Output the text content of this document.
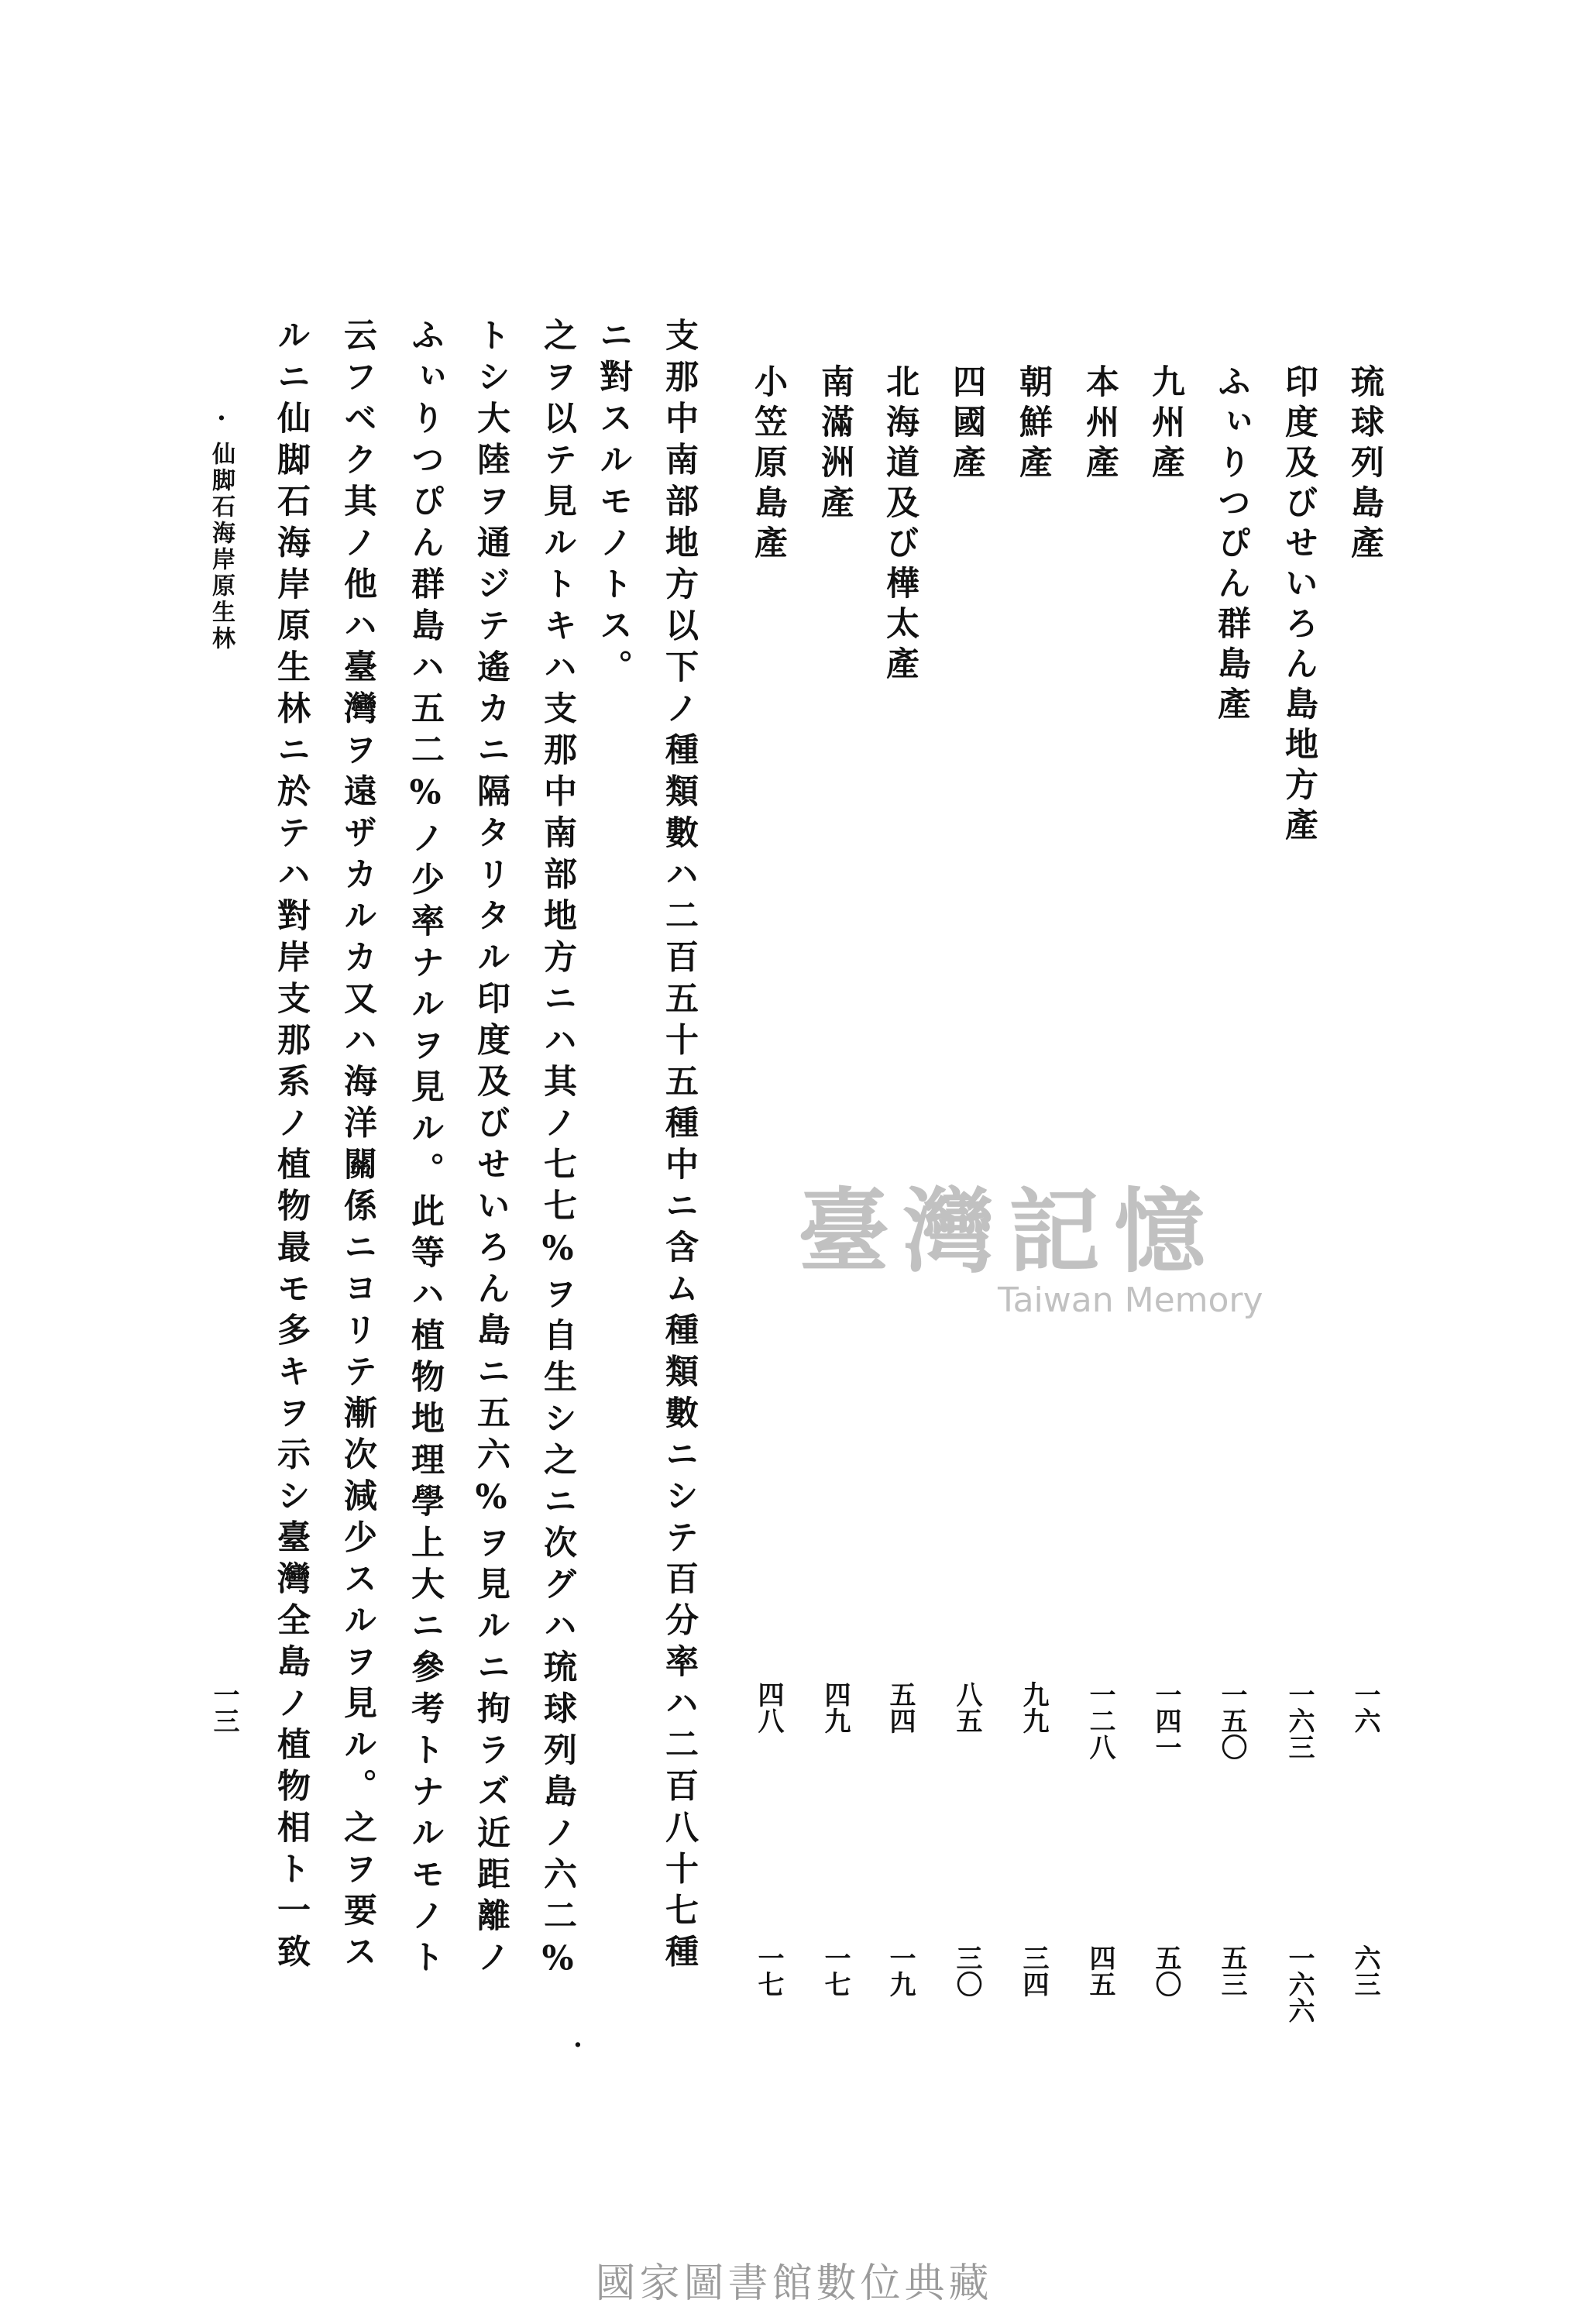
琉球列島產
印度及びせいろん島地方產
ふぃりつぴん群島產
九州產
本州產
朝鮮產
四國產
北海道及び樺太產
南滿洲產
小笠原島產
一六
一六三
一五〇
一四一
一二八
九九
八五
五四
四九
四八
六三
一六六
五三
五〇
四五
三四
三〇
一九
一七
一七
支那中南部地方以下ノ種類數ハ二百五十五種中ニ含ム種類數ニシテ百分率ハ二百八十七種
ニ對スルモノトス。
之ヲ以テ見ルトキハ支那中南部地方ニハ其ノ七七%ヲ自生シ之ニ次グハ琉球列島ノ六二%
トシ大陸ヲ通ジテ遙カニ隔タリタル印度及びせいろん島ニ五六%ヲ見ルニ拘ラズ近距離ノ
ふぃりつぴん群島ハ五二%ノ少率ナルヲ見ル。此等ハ植物地理學上大ニ參考トナルモノト
云フベク其ノ他ハ臺灣ヲ遠ザカルカ又ハ海洋關係ニヨリテ漸次減少スルヲ見ル。之ヲ要ス
ルニ仙脚石海岸原生林ニ於テハ對岸支那系ノ植物最モ多キヲ示シ臺灣全島ノ植物相ト一致
仙脚石海岸原生林
·
一三
·
臺灣記憶
Taiwan Memory
國家圖書館數位典藏
